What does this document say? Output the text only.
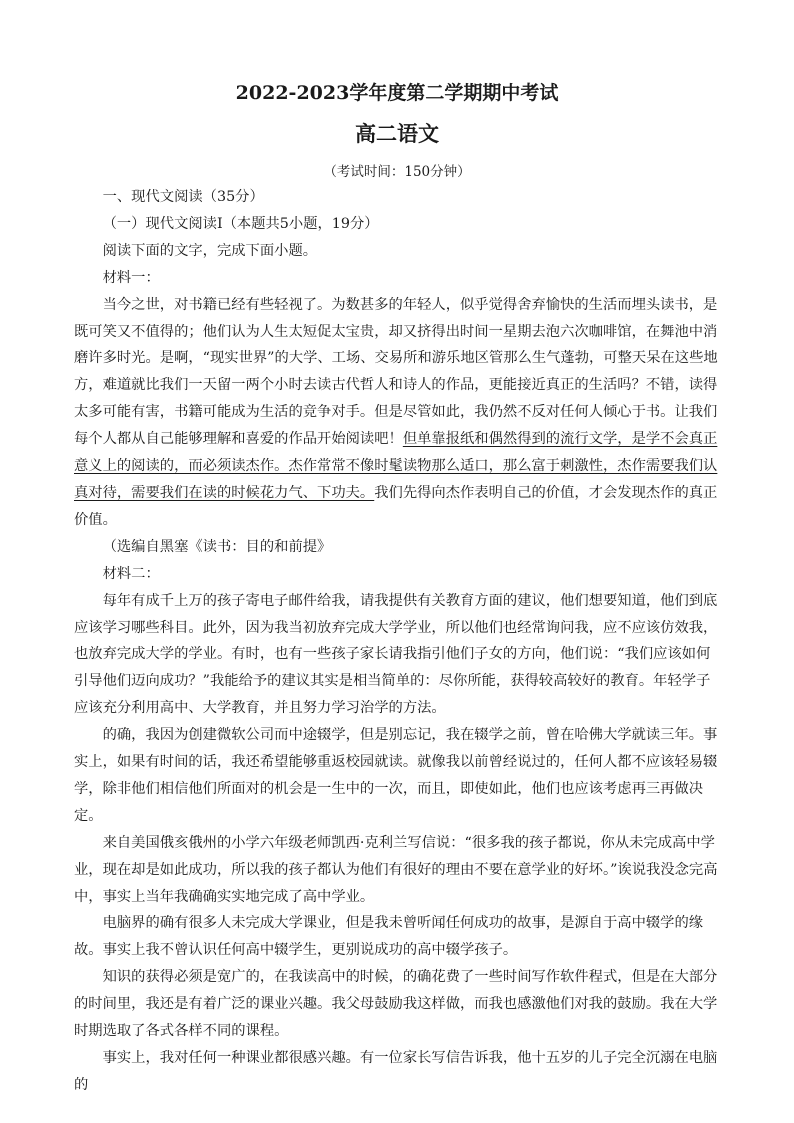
2022-2023学年度第二学期期中考试
高二语文
（考试时间：150分钟）

一、现代文阅读（35分）

（一）现代文阅读I（本题共5小题，19分）

阅读下面的文字，完成下面小题。

材料一：

当今之世，对书籍已经有些轻视了。为数甚多的年轻人，似乎觉得舍弃愉快的生活而埋头读书，是既可笑又不值得的；他们认为人生太短促太宝贵，却又挤得出时间一星期去泡六次咖啡馆，在舞池中消磨许多时光。是啊，“现实世界”的大学、工场、交易所和游乐地区管那么生气蓬勃，可整天呆在这些地方，难道就比我们一天留一两个小时去读古代哲人和诗人的作品，更能接近真正的生活吗？不错，读得太多可能有害，书籍可能成为生活的竞争对手。但是尽管如此，我仍然不反对任何人倾心于书。让我们每个人都从自己能够理解和喜爱的作品开始阅读吧！但单靠报纸和偶然得到的流行文学，是学不会真正意义上的阅读的，而必须读杰作。杰作常常不像时髦读物那么适口，那么富于刺激性，杰作需要我们认真对待，需要我们在读的时候花力气、下功夫。我们先得向杰作表明自己的价值，才会发现杰作的真正价值。

（选编自黑塞《读书：目的和前提》

材料二：

每年有成千上万的孩子寄电子邮件给我，请我提供有关教育方面的建议，他们想要知道，他们到底应该学习哪些科目。此外，因为我当初放弃完成大学学业，所以他们也经常询问我，应不应该仿效我，也放弃完成大学的学业。有时，也有一些孩子家长请我指引他们子女的方向，他们说：“我们应该如何引导他们迈向成功？”我能给予的建议其实是相当简单的：尽你所能，获得较高较好的教育。年轻学子应该充分利用高中、大学教育，并且努力学习治学的方法。

的确，我因为创建微软公司而中途辍学，但是别忘记，我在辍学之前，曾在哈佛大学就读三年。事实上，如果有时间的话，我还希望能够重返校园就读。就像我以前曾经说过的，任何人都不应该轻易辍学，除非他们相信他们所面对的机会是一生中的一次，而且，即使如此，他们也应该考虑再三再做决定。

来自美国俄亥俄州的小学六年级老师凯西·克利兰写信说：“很多我的孩子都说，你从未完成高中学业，现在却是如此成功，所以我的孩子都认为他们有很好的理由不要在意学业的好坏。”诶说我没念完高中，事实上当年我确确实实地完成了高中学业。

电脑界的确有很多人未完成大学课业，但是我未曾听闻任何成功的故事，是源自于高中辍学的缘故。事实上我不曾认识任何高中辍学生，更别说成功的高中辍学孩子。

知识的获得必须是宽广的，在我读高中的时候，的确花费了一些时间写作软件程式，但是在大部分的时间里，我还是有着广泛的课业兴趣。我父母鼓励我这样做，而我也感激他们对我的鼓励。我在大学时期选取了各式各样不同的课程。

事实上，我对任何一种课业都很感兴趣。有一位家长写信告诉我，他十五岁的儿子完全沉溺在电脑的
